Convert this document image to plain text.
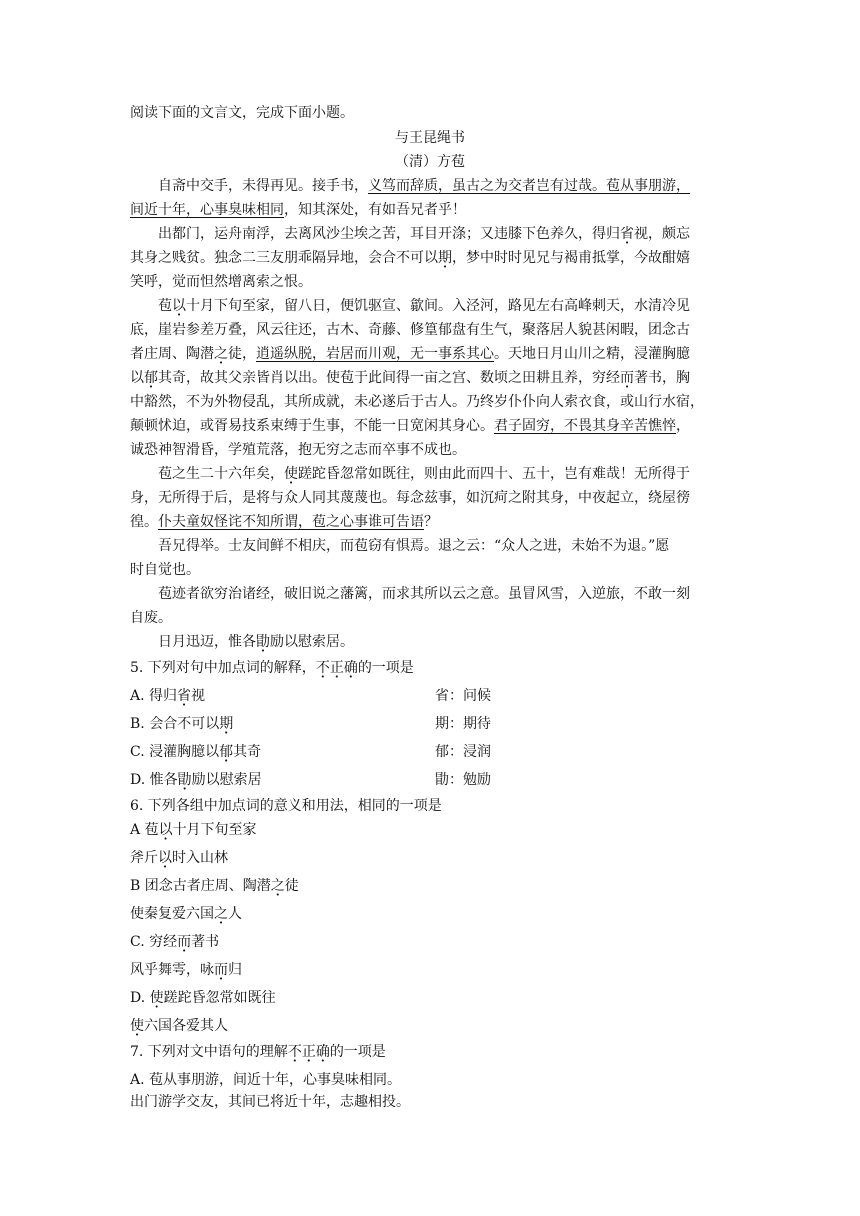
阅读下面的文言文，完成下面小题。
与王昆绳书
（清）方苞
自斋中交手，未得再见。接手书，义笃而辞质，虽古之为交者岂有过哉。苞从事朋游，
间近十年，心事臭味相同，知其深处，有如吾兄者乎！
出都门，运舟南浮，去离风沙尘埃之苦，耳目开涤；又违膝下色养久，得归省视，颇忘
其身之贱贫。独念二三友朋乖隔异地，会合不可以期，梦中时时见兄与褐甫抵掌，今故酣嬉
笑呼，觉而怛然增离索之恨。
苞以十月下旬至家，留八日，便饥驱宣、歙间。入泾河，路见左右高峰刺天，水清冷见
底，崖岩参差万叠，风云往还，古木、奇藤、修篁郁盘有生气，聚落居人貌甚闲暇，团念古
者庄周、陶潜之徒，逍遥纵脱，岩居而川观，无一事系其心。天地日月山川之精，浸灌胸臆
以郁其奇，故其父亲皆肖以出。使苞于此间得一亩之宫、数顷之田耕且养，穷经而著书，胸
中豁然，不为外物侵乱，其所成就，未必遂后于古人。乃终岁仆仆向人索衣食，或山行水宿，
颠顿怵迫，或胥易技系束缚于生事，不能一日宽闲其身心。君子固穷，不畏其身辛苦憔悴，
诚恐神智滑昏，学殖荒落，抱无穷之志而卒事不成也。
苞之生二十六年矣，使蹉跎昏忽常如既往，则由此而四十、五十，岂有难哉！无所得于
身，无所得于后，是将与众人同其蔑蔑也。每念兹事，如沉疴之附其身，中夜起立，绕屋徬
徨。仆夫童奴怪诧不知所谓，苞之心事谁可告语？
吾兄得举。士友间鲜不相庆，而苞窃有惧焉。退之云：“众人之进，未始不为退。”愿
时自觉也。
苞迹者欲穷治诸经，破旧说之藩篱，而求其所以云之意。虽冒风雪，入逆旅，不敢一刻
自废。
日月迅迈，惟各勖励以慰索居。
5. 下列对句中加点词的解释，不正确的一项是
A. 得归省视	省：问候
B. 会合不可以期	期：期待
C. 浸灌胸臆以郁其奇	郁：浸润
D. 惟各勖励以慰索居	勖：勉励
6. 下列各组中加点词的意义和用法，相同的一项是
A 苞以十月下旬至家
斧斤以时入山林
B 团念古者庄周、陶潜之徒
使秦复爱六国之人
C. 穷经而著书
风乎舞雩，咏而归
D. 使蹉跎昏忽常如既往
使六国各爱其人
7. 下列对文中语句的理解不正确的一项是
A. 苞从事朋游，间近十年，心事臭味相同。
出门游学交友，其间已将近十年，志趣相投。
